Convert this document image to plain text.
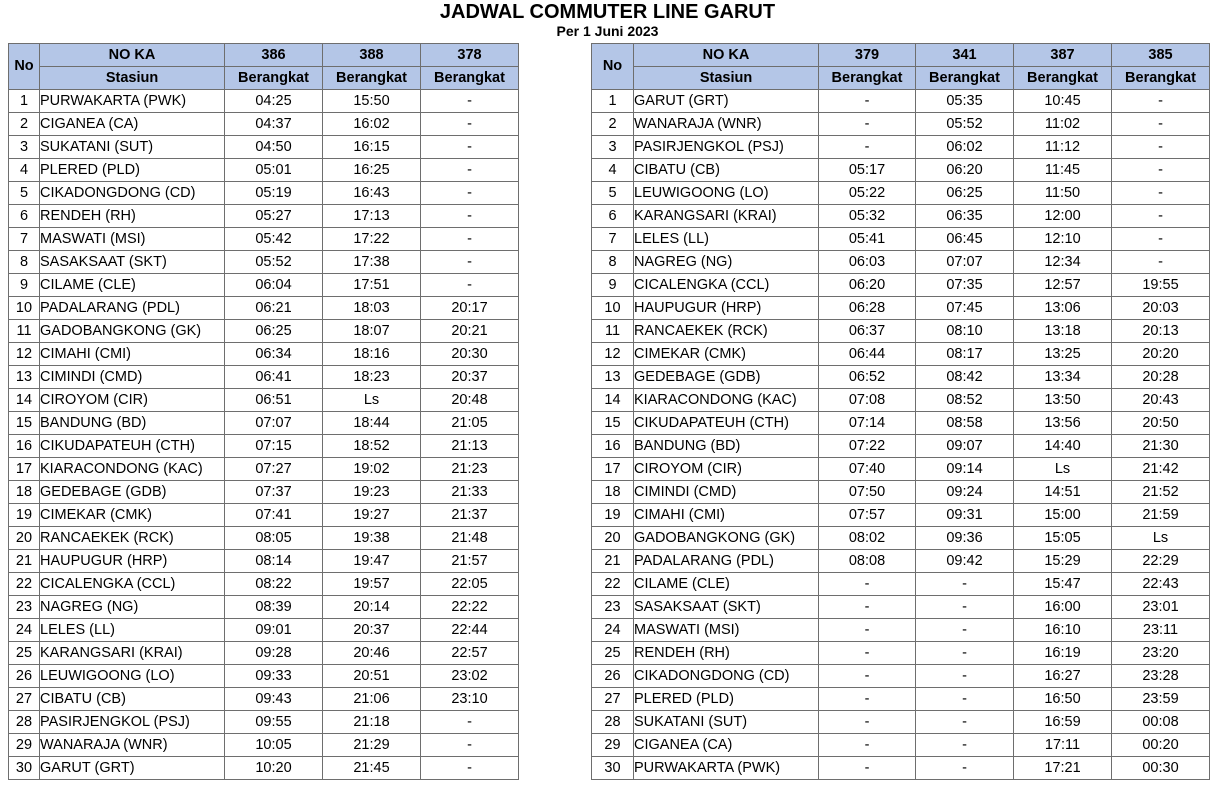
JADWAL COMMUTER LINE GARUT
Per 1 Juni 2023
No	NO KA	386	388	378
	Stasiun	Berangkat	Berangkat	Berangkat
1	PURWAKARTA (PWK)	04:25	15:50	-
2	CIGANEA (CA)	04:37	16:02	-
3	SUKATANI (SUT)	04:50	16:15	-
4	PLERED (PLD)	05:01	16:25	-
5	CIKADONGDONG (CD)	05:19	16:43	-
6	RENDEH (RH)	05:27	17:13	-
7	MASWATI (MSI)	05:42	17:22	-
8	SASAKSAAT (SKT)	05:52	17:38	-
9	CILAME (CLE)	06:04	17:51	-
10	PADALARANG (PDL)	06:21	18:03	20:17
11	GADOBANGKONG (GK)	06:25	18:07	20:21
12	CIMAHI (CMI)	06:34	18:16	20:30
13	CIMINDI (CMD)	06:41	18:23	20:37
14	CIROYOM (CIR)	06:51	Ls	20:48
15	BANDUNG (BD)	07:07	18:44	21:05
16	CIKUDAPATEUH (CTH)	07:15	18:52	21:13
17	KIARACONDONG (KAC)	07:27	19:02	21:23
18	GEDEBAGE (GDB)	07:37	19:23	21:33
19	CIMEKAR (CMK)	07:41	19:27	21:37
20	RANCAEKEK (RCK)	08:05	19:38	21:48
21	HAUPUGUR (HRP)	08:14	19:47	21:57
22	CICALENGKA (CCL)	08:22	19:57	22:05
23	NAGREG (NG)	08:39	20:14	22:22
24	LELES (LL)	09:01	20:37	22:44
25	KARANGSARI (KRAI)	09:28	20:46	22:57
26	LEUWIGOONG (LO)	09:33	20:51	23:02
27	CIBATU (CB)	09:43	21:06	23:10
28	PASIRJENGKOL (PSJ)	09:55	21:18	-
29	WANARAJA (WNR)	10:05	21:29	-
30	GARUT (GRT)	10:20	21:45	-
No	NO KA	379	341	387	385
	Stasiun	Berangkat	Berangkat	Berangkat	Berangkat
1	GARUT (GRT)	-	05:35	10:45	-
2	WANARAJA (WNR)	-	05:52	11:02	-
3	PASIRJENGKOL (PSJ)	-	06:02	11:12	-
4	CIBATU (CB)	05:17	06:20	11:45	-
5	LEUWIGOONG (LO)	05:22	06:25	11:50	-
6	KARANGSARI (KRAI)	05:32	06:35	12:00	-
7	LELES (LL)	05:41	06:45	12:10	-
8	NAGREG (NG)	06:03	07:07	12:34	-
9	CICALENGKA (CCL)	06:20	07:35	12:57	19:55
10	HAUPUGUR (HRP)	06:28	07:45	13:06	20:03
11	RANCAEKEK (RCK)	06:37	08:10	13:18	20:13
12	CIMEKAR (CMK)	06:44	08:17	13:25	20:20
13	GEDEBAGE (GDB)	06:52	08:42	13:34	20:28
14	KIARACONDONG (KAC)	07:08	08:52	13:50	20:43
15	CIKUDAPATEUH (CTH)	07:14	08:58	13:56	20:50
16	BANDUNG (BD)	07:22	09:07	14:40	21:30
17	CIROYOM (CIR)	07:40	09:14	Ls	21:42
18	CIMINDI (CMD)	07:50	09:24	14:51	21:52
19	CIMAHI (CMI)	07:57	09:31	15:00	21:59
20	GADOBANGKONG (GK)	08:02	09:36	15:05	Ls
21	PADALARANG (PDL)	08:08	09:42	15:29	22:29
22	CILAME (CLE)	-	-	15:47	22:43
23	SASAKSAAT (SKT)	-	-	16:00	23:01
24	MASWATI (MSI)	-	-	16:10	23:11
25	RENDEH (RH)	-	-	16:19	23:20
26	CIKADONGDONG (CD)	-	-	16:27	23:28
27	PLERED (PLD)	-	-	16:50	23:59
28	SUKATANI (SUT)	-	-	16:59	00:08
29	CIGANEA (CA)	-	-	17:11	00:20
30	PURWAKARTA (PWK)	-	-	17:21	00:30
